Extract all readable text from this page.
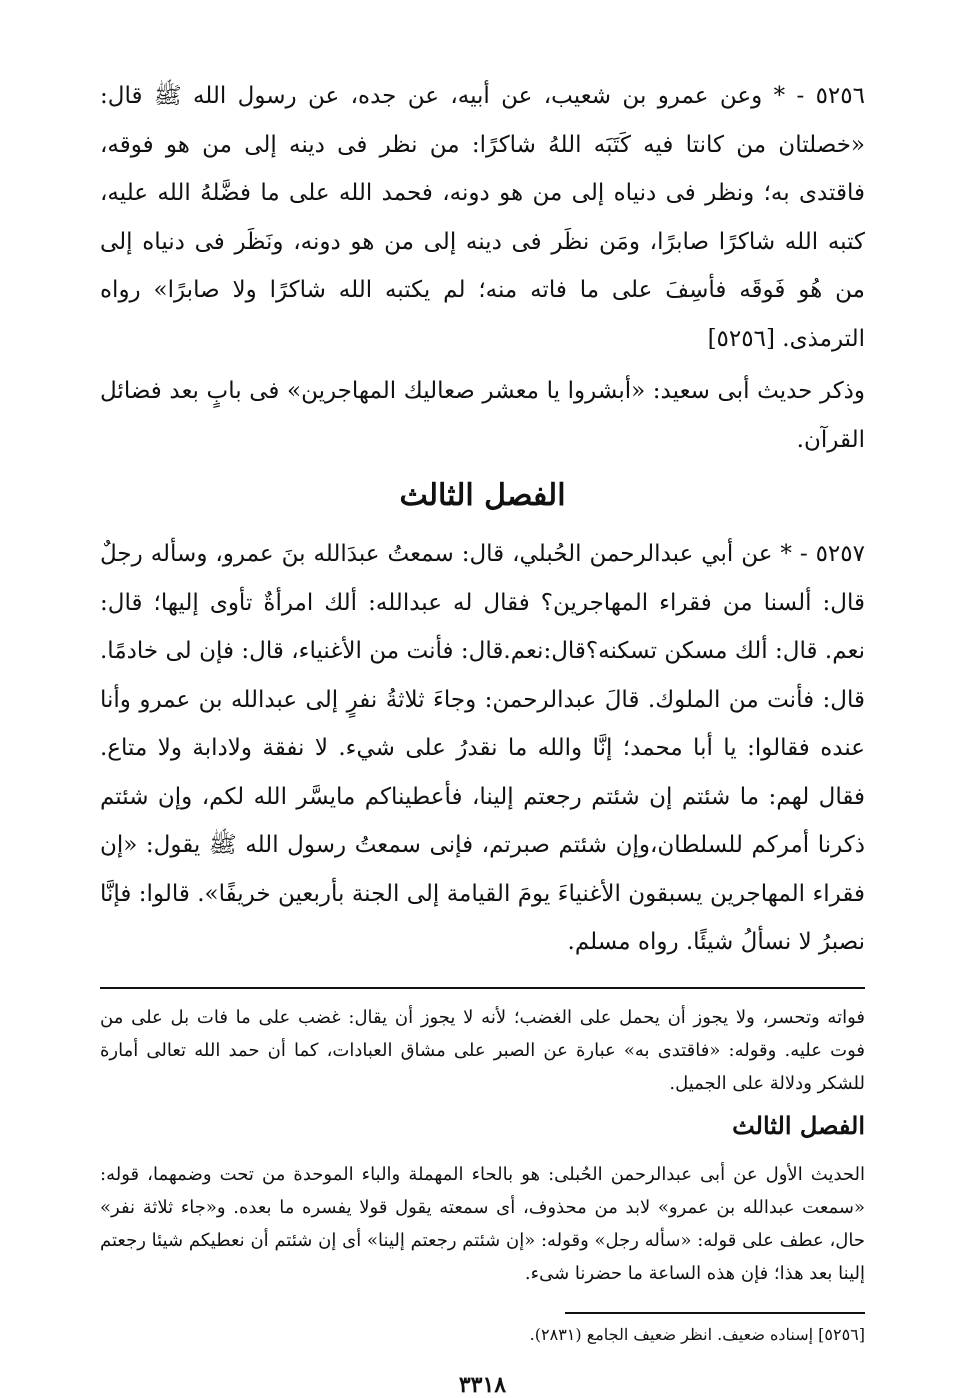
٥٢٥٦ - * وعن عمرو بن شعيب، عن أبيه، عن جده، عن رسول الله ﷺ قال: «خصلتان من كانتا فيه كَتَبَه اللهُ شاكرًا: من نظر فى دينه إلى من هو فوقه، فاقتدى به؛ ونظر فى دنياه إلى من هو دونه، فحمد الله على ما فضَّلهُ الله عليه، كتبه الله شاكرًا صابرًا، ومَن نظَر فى دينه إلى من هو دونه، ونَظَر فى دنياه إلى من هُو فَوقَه فأسِفَ على ما فاته منه؛ لم يكتبه الله شاكرًا ولا صابرًا» رواه الترمذى. [٥٢٥٦]

وذكر حديث أبى سعيد: «أبشروا يا معشر صعاليك المهاجرين» فى بابٍ بعد فضائل القرآن.

الفصل الثالث

٥٢٥٧ - * عن أبي عبدالرحمن الحُبلي، قال: سمعتُ عبدَالله بنَ عمرو، وسأله رجلٌ قال: ألسنا من فقراء المهاجرين؟ فقال له عبدالله: ألك امرأةٌ تأوى إليها؛ قال: نعم. قال: ألك مسكن تسكنه؟قال:نعم.قال: فأنت من الأغنياء، قال: فإن لى خادمًا. قال: فأنت من الملوك. قالَ عبدالرحمن: وجاءَ ثلاثةُ نفرٍ إلى عبدالله بن عمرو وأنا عنده فقالوا: يا أبا محمد؛ إنَّا والله ما نقدرُ على شيء. لا نفقة ولادابة ولا متاع. فقال لهم: ما شئتم إن شئتم رجعتم إلينا، فأعطيناكم مايسَّر الله لكم، وإن شئتم ذكرنا أمركم للسلطان،وإن شئتم صبرتم، فإنى سمعتُ رسول الله ﷺ يقول: «إن فقراء المهاجرين يسبقون الأغنياءَ يومَ القيامة إلى الجنة بأربعين خريفًا». قالوا: فإنَّا نصبرُ لا نسألُ شيئًا. رواه مسلم.

فواته وتحسر، ولا يجوز أن يحمل على الغضب؛ لأنه لا يجوز أن يقال: غضب على ما فات بل على من فوت عليه. وقوله: «فاقتدى به» عبارة عن الصبر على مشاق العبادات، كما أن حمد الله تعالى أمارة للشكر ودلالة على الجميل.

الفصل الثالث

الحديث الأول عن أبى عبدالرحمن الحُبلى: هو بالحاء المهملة والباء الموحدة من تحت وضمهما، قوله: «سمعت عبدالله بن عمرو» لابد من محذوف، أى سمعته يقول قولا يفسره ما بعده. و«جاء ثلاثة نفر» حال، عطف على قوله: «سأله رجل» وقوله: «إن شئتم رجعتم إلينا» أى إن شئتم أن نعطيكم شيئا رجعتم إلينا بعد هذا؛ فإن هذه الساعة ما حضرنا شىء.

[٥٢٥٦] إسناده ضعيف. انظر ضعيف الجامع (٢٨٣١).
٣٣١٨
